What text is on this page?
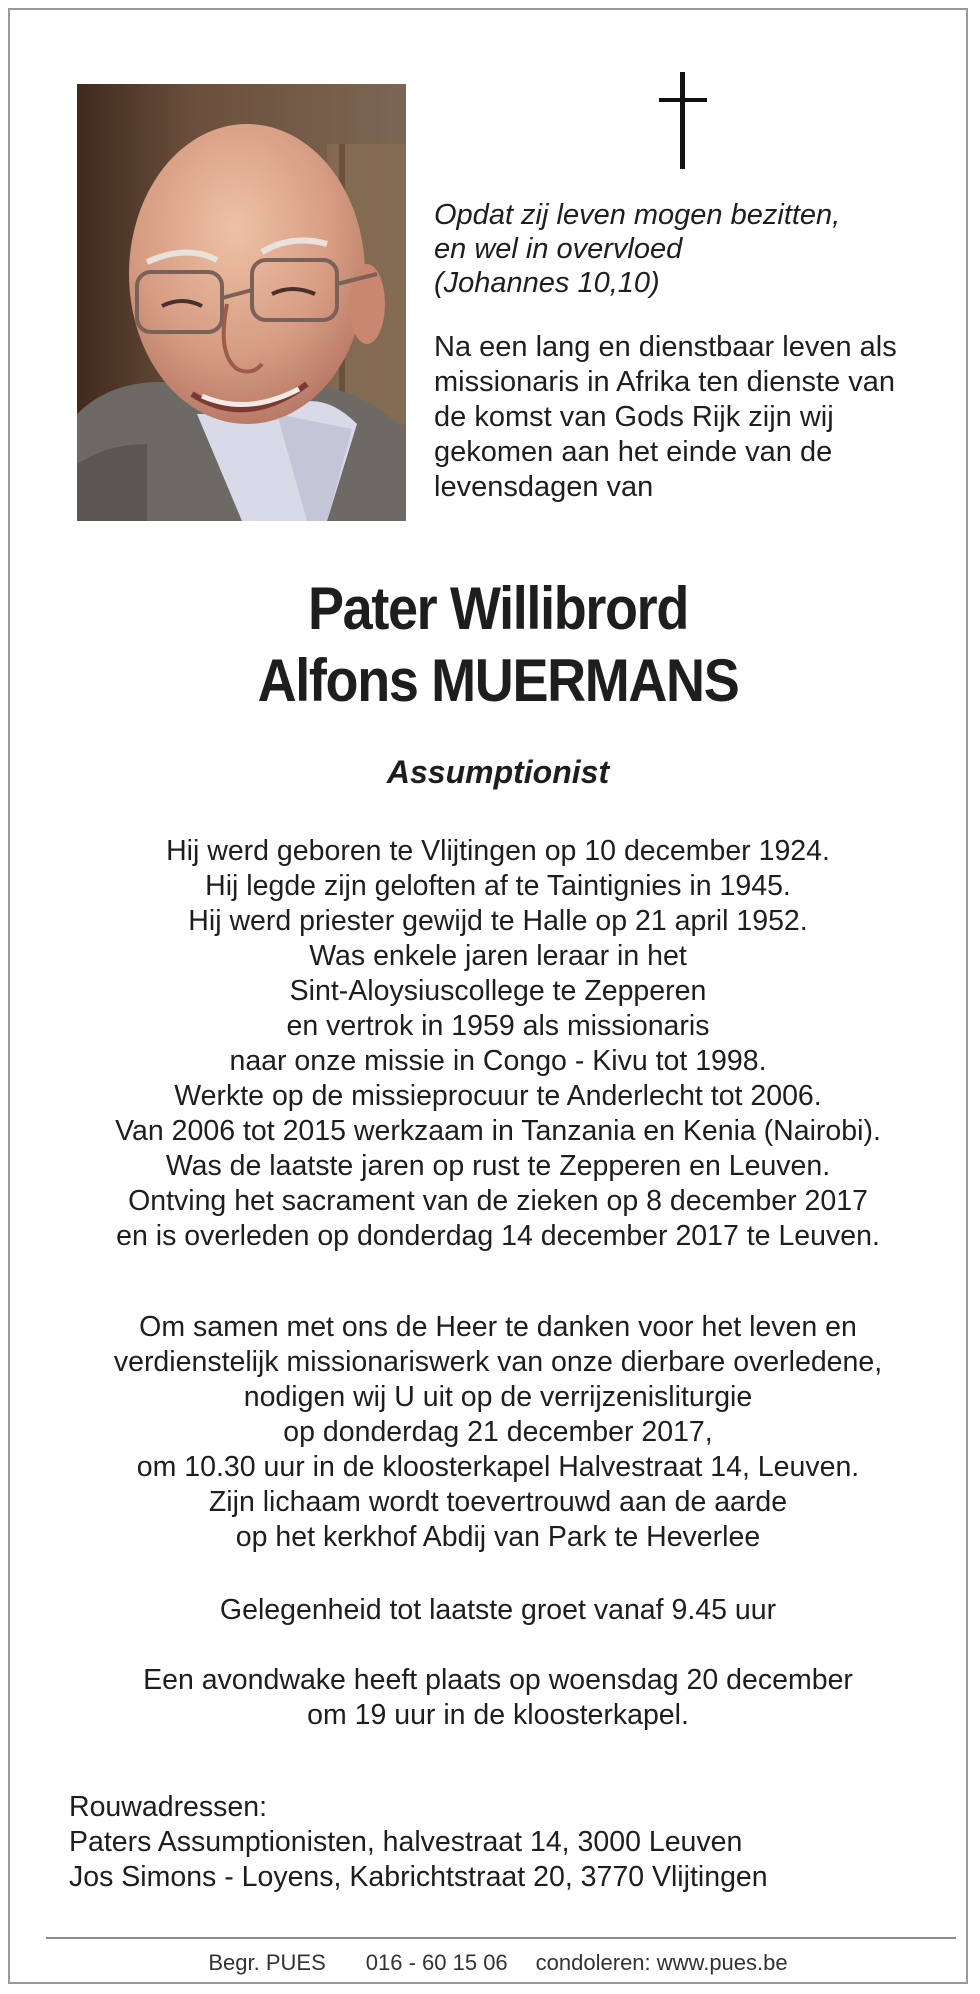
Opdat zij leven mogen bezitten,
en wel in overvloed
(Johannes 10,10)
Na een lang en dienstbaar leven als
missionaris in Afrika ten dienste van
de komst van Gods Rijk zijn wij
gekomen aan het einde van de
levensdagen van
Pater Willibrord
Alfons MUERMANS
Assumptionist
Hij werd geboren te Vlijtingen op 10 december 1924.
Hij legde zijn geloften af te Taintignies in 1945.
Hij werd priester gewijd te Halle op 21 april 1952.
Was enkele jaren leraar in het
Sint-Aloysiuscollege te Zepperen
en vertrok in 1959 als missionaris
naar onze missie in Congo - Kivu tot 1998.
Werkte op de missieprocuur te Anderlecht tot 2006.
Van 2006 tot 2015 werkzaam in Tanzania en Kenia (Nairobi).
Was de laatste jaren op rust te Zepperen en Leuven.
Ontving het sacrament van de zieken op 8 december 2017
en is overleden op donderdag 14 december 2017 te Leuven.
Om samen met ons de Heer te danken voor het leven en
verdienstelijk missionariswerk van onze dierbare overledene,
nodigen wij U uit op de verrijzenisliturgie
op donderdag 21 december 2017,
om 10.30 uur in de kloosterkapel Halvestraat 14, Leuven.
Zijn lichaam wordt toevertrouwd aan de aarde
op het kerkhof Abdij van Park te Heverlee
Gelegenheid tot laatste groet vanaf 9.45 uur
Een avondwake heeft plaats op woensdag 20 december
om 19 uur in de kloosterkapel.
Rouwadressen:
Paters Assumptionisten, halvestraat 14, 3000 Leuven
Jos Simons - Loyens, Kabrichtstraat 20, 3770 Vlijtingen
Begr. PUES 016 - 60 15 06 condoleren: www.pues.be
